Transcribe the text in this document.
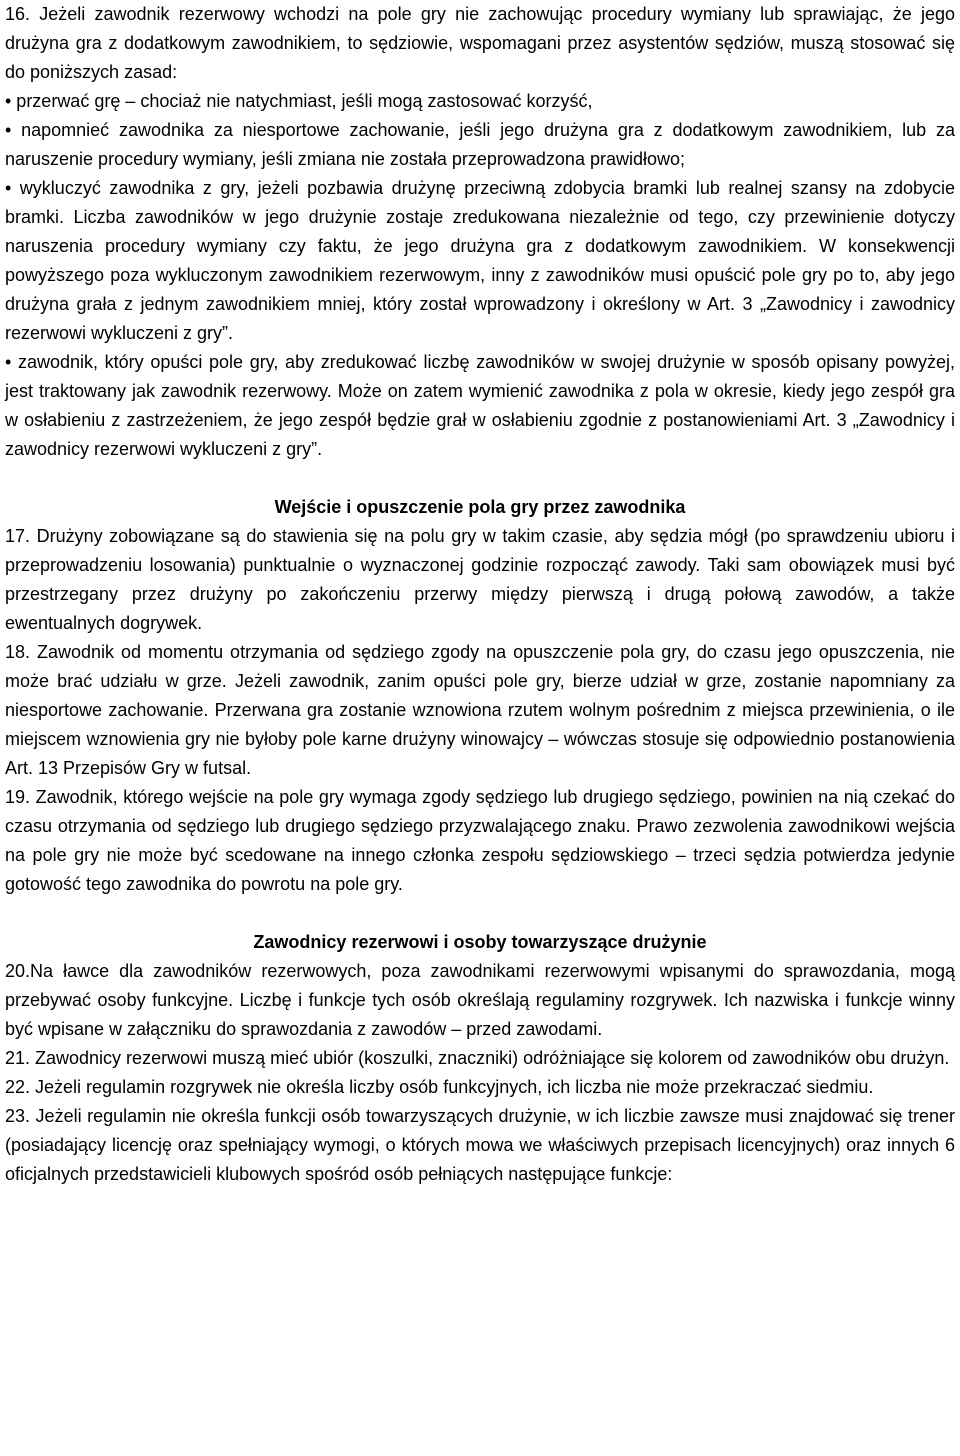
16. Jeżeli zawodnik rezerwowy wchodzi na pole gry nie zachowując procedury wymiany lub sprawiając, że jego drużyna gra z dodatkowym zawodnikiem, to sędziowie, wspomagani przez asystentów sędziów, muszą stosować się do poniższych zasad:

• przerwać grę – chociaż nie natychmiast, jeśli mogą zastosować korzyść,

• napomnieć zawodnika za niesportowe zachowanie, jeśli jego drużyna gra z dodatkowym zawodnikiem, lub za naruszenie procedury wymiany, jeśli zmiana nie została przeprowadzona prawidłowo;

• wykluczyć zawodnika z gry, jeżeli pozbawia drużynę przeciwną zdobycia bramki lub realnej szansy na zdobycie bramki. Liczba zawodników w jego drużynie zostaje zredukowana niezależnie od tego, czy przewinienie dotyczy naruszenia procedury wymiany czy faktu, że jego drużyna gra z dodatkowym zawodnikiem. W konsekwencji powyższego poza wykluczonym zawodnikiem rezerwowym, inny z zawodników musi opuścić pole gry po to, aby jego drużyna grała z jednym zawodnikiem mniej, który został wprowadzony i określony w Art. 3 „Zawodnicy i zawodnicy rezerwowi wykluczeni z gry”.

• zawodnik, który opuści pole gry, aby zredukować liczbę zawodników w swojej drużynie w sposób opisany powyżej, jest traktowany jak zawodnik rezerwowy. Może on zatem wymienić zawodnika z pola w okresie, kiedy jego zespół gra w osłabieniu z zastrzeżeniem, że jego zespół będzie grał w osłabieniu zgodnie z postanowieniami Art. 3 „Zawodnicy i zawodnicy rezerwowi wykluczeni z gry”.

Wejście i opuszczenie pola gry przez zawodnika

17. Drużyny zobowiązane są do stawienia się na polu gry w takim czasie, aby sędzia mógł (po sprawdzeniu ubioru i przeprowadzeniu losowania) punktualnie o wyznaczonej godzinie rozpocząć zawody. Taki sam obowiązek musi być przestrzegany przez drużyny po zakończeniu przerwy między pierwszą i drugą połową zawodów, a także ewentualnych dogrywek.

18. Zawodnik od momentu otrzymania od sędziego zgody na opuszczenie pola gry, do czasu jego opuszczenia, nie może brać udziału w grze. Jeżeli zawodnik, zanim opuści pole gry, bierze udział w grze, zostanie napomniany za niesportowe zachowanie. Przerwana gra zostanie wznowiona rzutem wolnym pośrednim z miejsca przewinienia, o ile miejscem wznowienia gry nie byłoby pole karne drużyny winowajcy – wówczas stosuje się odpowiednio postanowienia Art. 13 Przepisów Gry w futsal.

19. Zawodnik, którego wejście na pole gry wymaga zgody sędziego lub drugiego sędziego, powinien na nią czekać do czasu otrzymania od sędziego lub drugiego sędziego przyzwalającego znaku. Prawo zezwolenia zawodnikowi wejścia na pole gry nie może być scedowane na innego członka zespołu sędziowskiego – trzeci sędzia potwierdza jedynie gotowość tego zawodnika do powrotu na pole gry.

Zawodnicy rezerwowi i osoby towarzyszące drużynie

20.Na ławce dla zawodników rezerwowych, poza zawodnikami rezerwowymi wpisanymi do sprawozdania, mogą przebywać osoby funkcyjne. Liczbę i funkcje tych osób określają regulaminy rozgrywek. Ich nazwiska i funkcje winny być wpisane w załączniku do sprawozdania z zawodów – przed zawodami.

21. Zawodnicy rezerwowi muszą mieć ubiór (koszulki, znaczniki) odróżniające się kolorem od zawodników obu drużyn.

22. Jeżeli regulamin rozgrywek nie określa liczby osób funkcyjnych, ich liczba nie może przekraczać siedmiu.

23. Jeżeli regulamin nie określa funkcji osób towarzyszących drużynie, w ich liczbie zawsze musi znajdować się trener (posiadający licencję oraz spełniający wymogi, o których mowa we właściwych przepisach licencyjnych) oraz innych 6 oficjalnych przedstawicieli klubowych spośród osób pełniących następujące funkcje:
